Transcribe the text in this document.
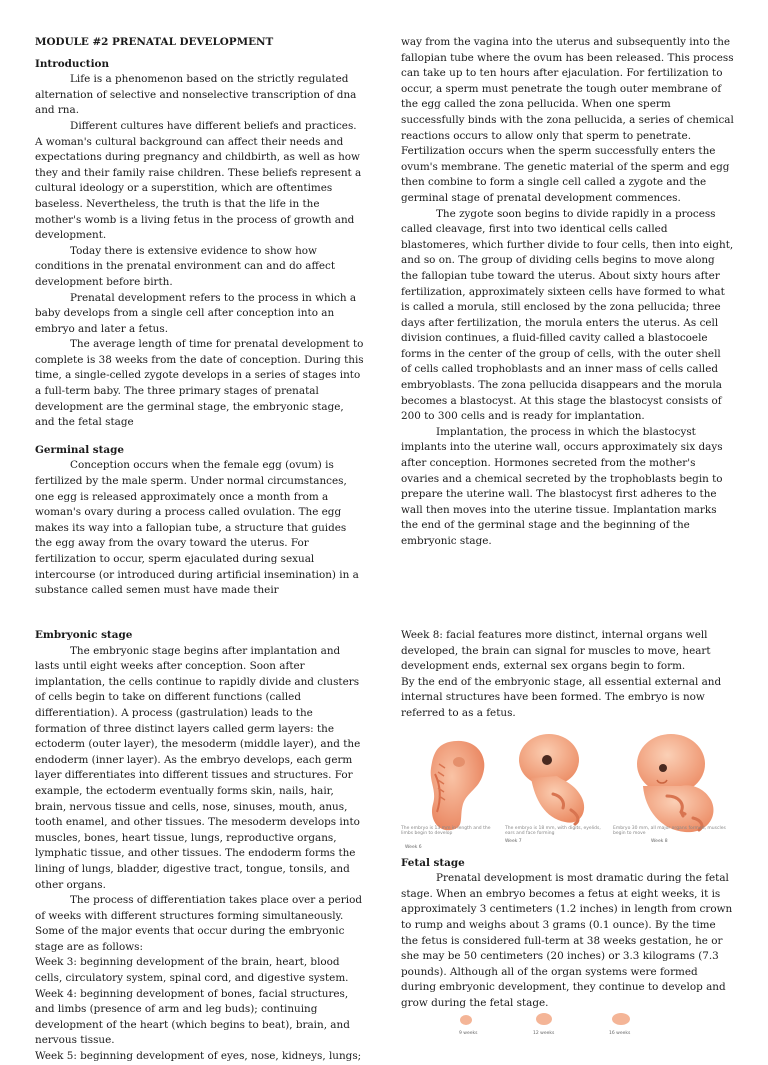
MODULE #2 PRENATAL DEVELOPMENT

Introduction

Life is a phenomenon based on the strictly regulated alternation of selective and nonselective transcription of dna and rna.

Different cultures have different beliefs and practices. A woman's cultural background can affect their needs and expectations during pregnancy and childbirth, as well as how they and their family raise children. These beliefs represent a cultural ideology or a superstition, which are oftentimes baseless. Nevertheless, the truth is that the life in the mother's womb is a living fetus in the process of growth and development.

Today there is extensive evidence to show how conditions in the prenatal environment can and do affect development before birth.

Prenatal development refers to the process in which a baby develops from a single cell after conception into an embryo and later a fetus.

The average length of time for prenatal development to complete is 38 weeks from the date of conception. During this time, a single-celled zygote develops in a series of stages into a full-term baby. The three primary stages of prenatal development are the germinal stage, the embryonic stage, and the fetal stage

Germinal stage

Conception occurs when the female egg (ovum) is fertilized by the male sperm. Under normal circumstances, one egg is released approximately once a month from a woman's ovary during a process called ovulation. The egg makes its way into a fallopian tube, a structure that guides the egg away from the ovary toward the uterus. For fertilization to occur, sperm ejaculated during sexual intercourse (or introduced during artificial insemination) in a substance called semen must have made their

way from the vagina into the uterus and subsequently into the fallopian tube where the ovum has been released. This process can take up to ten hours after ejaculation. For fertilization to occur, a sperm must penetrate the tough outer membrane of the egg called the zona pellucida. When one sperm successfully binds with the zona pellucida, a series of chemical reactions occurs to allow only that sperm to penetrate. Fertilization occurs when the sperm successfully enters the ovum's membrane. The genetic material of the sperm and egg then combine to form a single cell called a zygote and the germinal stage of prenatal development commences.

The zygote soon begins to divide rapidly in a process called cleavage, first into two identical cells called blastomeres, which further divide to four cells, then into eight, and so on. The group of dividing cells begins to move along the fallopian tube toward the uterus. About sixty hours after fertilization, approximately sixteen cells have formed to what is called a morula, still enclosed by the zona pellucida; three days after fertilization, the morula enters the uterus. As cell division continues, a fluid-filled cavity called a blastocoele forms in the center of the group of cells, with the outer shell of cells called trophoblasts and an inner mass of cells called embryoblasts. The zona pellucida disappears and the morula becomes a blastocyst. At this stage the blastocyst consists of 200 to 300 cells and is ready for implantation.

Implantation, the process in which the blastocyst implants into the uterine wall, occurs approximately six days after conception. Hormones secreted from the mother's ovaries and a chemical secreted by the trophoblasts begin to prepare the uterine wall. The blastocyst first adheres to the wall then moves into the uterine tissue. Implantation marks the end of the germinal stage and the beginning of the embryonic stage.

Embryonic stage

The embryonic stage begins after implantation and lasts until eight weeks after conception. Soon after implantation, the cells continue to rapidly divide and clusters of cells begin to take on different functions (called differentiation). A process (gastrulation) leads to the formation of three distinct layers called germ layers: the ectoderm (outer layer), the mesoderm (middle layer), and the endoderm (inner layer). As the embryo develops, each germ layer differentiates into different tissues and structures. For example, the ectoderm eventually forms skin, nails, hair, brain, nervous tissue and cells, nose, sinuses, mouth, anus, tooth enamel, and other tissues. The mesoderm develops into muscles, bones, heart tissue, lungs, reproductive organs, lymphatic tissue, and other tissues. The endoderm forms the lining of lungs, bladder, digestive tract, tongue, tonsils, and other organs.

The process of differentiation takes place over a period of weeks with different structures forming simultaneously. Some of the major events that occur during the embryonic stage are as follows:

Week 3: beginning development of the brain, heart, blood cells, circulatory system, spinal cord, and digestive system.

Week 4: beginning development of bones, facial structures, and limbs (presence of arm and leg buds); continuing development of the heart (which begins to beat), brain, and nervous tissue.

Week 5: beginning development of eyes, nose, kidneys, lungs;

Week 8: facial features more distinct, internal organs well developed, the brain can signal for muscles to move, heart development ends, external sex organs begin to form.

By the end of the embryonic stage, all essential external and internal structures have been formed. The embryo is now referred to as a fetus.

The embryo is 13 mm in length and the limbs begin to develop
The embryo is 18 mm, with digits, eyelids, ears and face forming
Embryo 30 mm, all major organs formed, muscles begin to move
Week 6
Week 7	Week 8

Fetal stage

Prenatal development is most dramatic during the fetal stage. When an embryo becomes a fetus at eight weeks, it is approximately 3 centimeters (1.2 inches) in length from crown to rump and weighs about 3 grams (0.1 ounce). By the time the fetus is considered full-term at 38 weeks gestation, he or she may be 50 centimeters (20 inches) or 3.3 kilograms (7.3 pounds). Although all of the organ systems were formed during embryonic development, they continue to develop and grow during the fetal stage.

9 weeks	12 weeks	16 weeks
